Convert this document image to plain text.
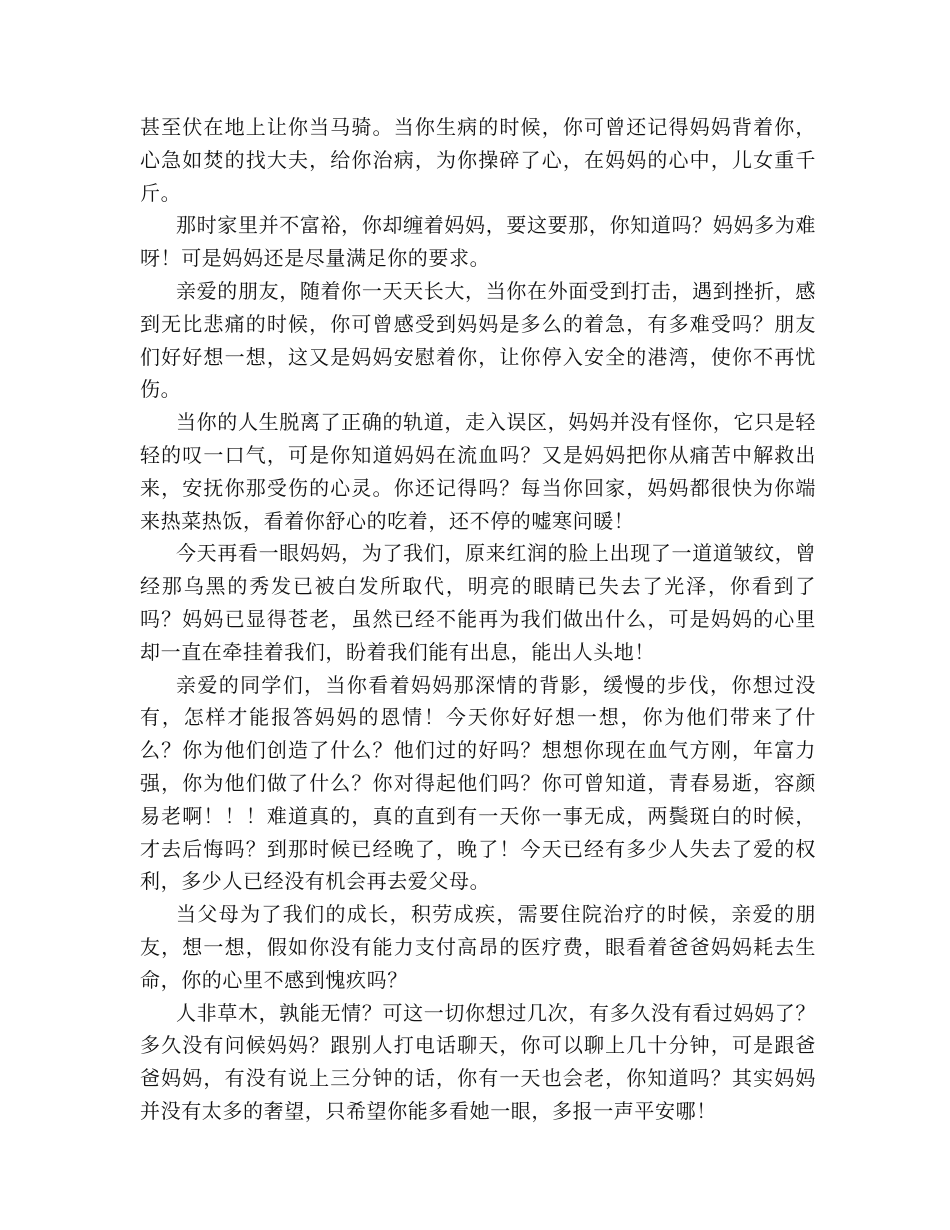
甚至伏在地上让你当马骑。当你生病的时候，你可曾还记得妈妈背着你，心急如焚的找大夫，给你治病，为你操碎了心，在妈妈的心中，儿女重千斤。

那时家里并不富裕，你却缠着妈妈，要这要那，你知道吗？妈妈多为难呀！可是妈妈还是尽量满足你的要求。

亲爱的朋友，随着你一天天长大，当你在外面受到打击，遇到挫折，感到无比悲痛的时候，你可曾感受到妈妈是多么的着急，有多难受吗？朋友们好好想一想，这又是妈妈安慰着你，让你停入安全的港湾，使你不再忧伤。

当你的人生脱离了正确的轨道，走入误区，妈妈并没有怪你，它只是轻轻的叹一口气，可是你知道妈妈在流血吗？又是妈妈把你从痛苦中解救出来，安抚你那受伤的心灵。你还记得吗？每当你回家，妈妈都很快为你端来热菜热饭，看着你舒心的吃着，还不停的嘘寒问暖！

今天再看一眼妈妈，为了我们，原来红润的脸上出现了一道道皱纹，曾经那乌黑的秀发已被白发所取代，明亮的眼睛已失去了光泽，你看到了吗？妈妈已显得苍老，虽然已经不能再为我们做出什么，可是妈妈的心里却一直在牵挂着我们，盼着我们能有出息，能出人头地！

亲爱的同学们，当你看着妈妈那深情的背影，缓慢的步伐，你想过没有，怎样才能报答妈妈的恩情！今天你好好想一想，你为他们带来了什么？你为他们创造了什么？他们过的好吗？想想你现在血气方刚，年富力强，你为他们做了什么？你对得起他们吗？你可曾知道，青春易逝，容颜易老啊！！！难道真的，真的直到有一天你一事无成，两鬓斑白的时候，才去后悔吗？到那时候已经晚了，晚了！今天已经有多少人失去了爱的权利，多少人已经没有机会再去爱父母。

当父母为了我们的成长，积劳成疾，需要住院治疗的时候，亲爱的朋友，想一想，假如你没有能力支付高昂的医疗费，眼看着爸爸妈妈耗去生命，你的心里不感到愧疚吗？

人非草木，孰能无情？可这一切你想过几次，有多久没有看过妈妈了？多久没有问候妈妈？跟别人打电话聊天，你可以聊上几十分钟，可是跟爸爸妈妈，有没有说上三分钟的话，你有一天也会老，你知道吗？其实妈妈并没有太多的奢望，只希望你能多看她一眼，多报一声平安哪！
